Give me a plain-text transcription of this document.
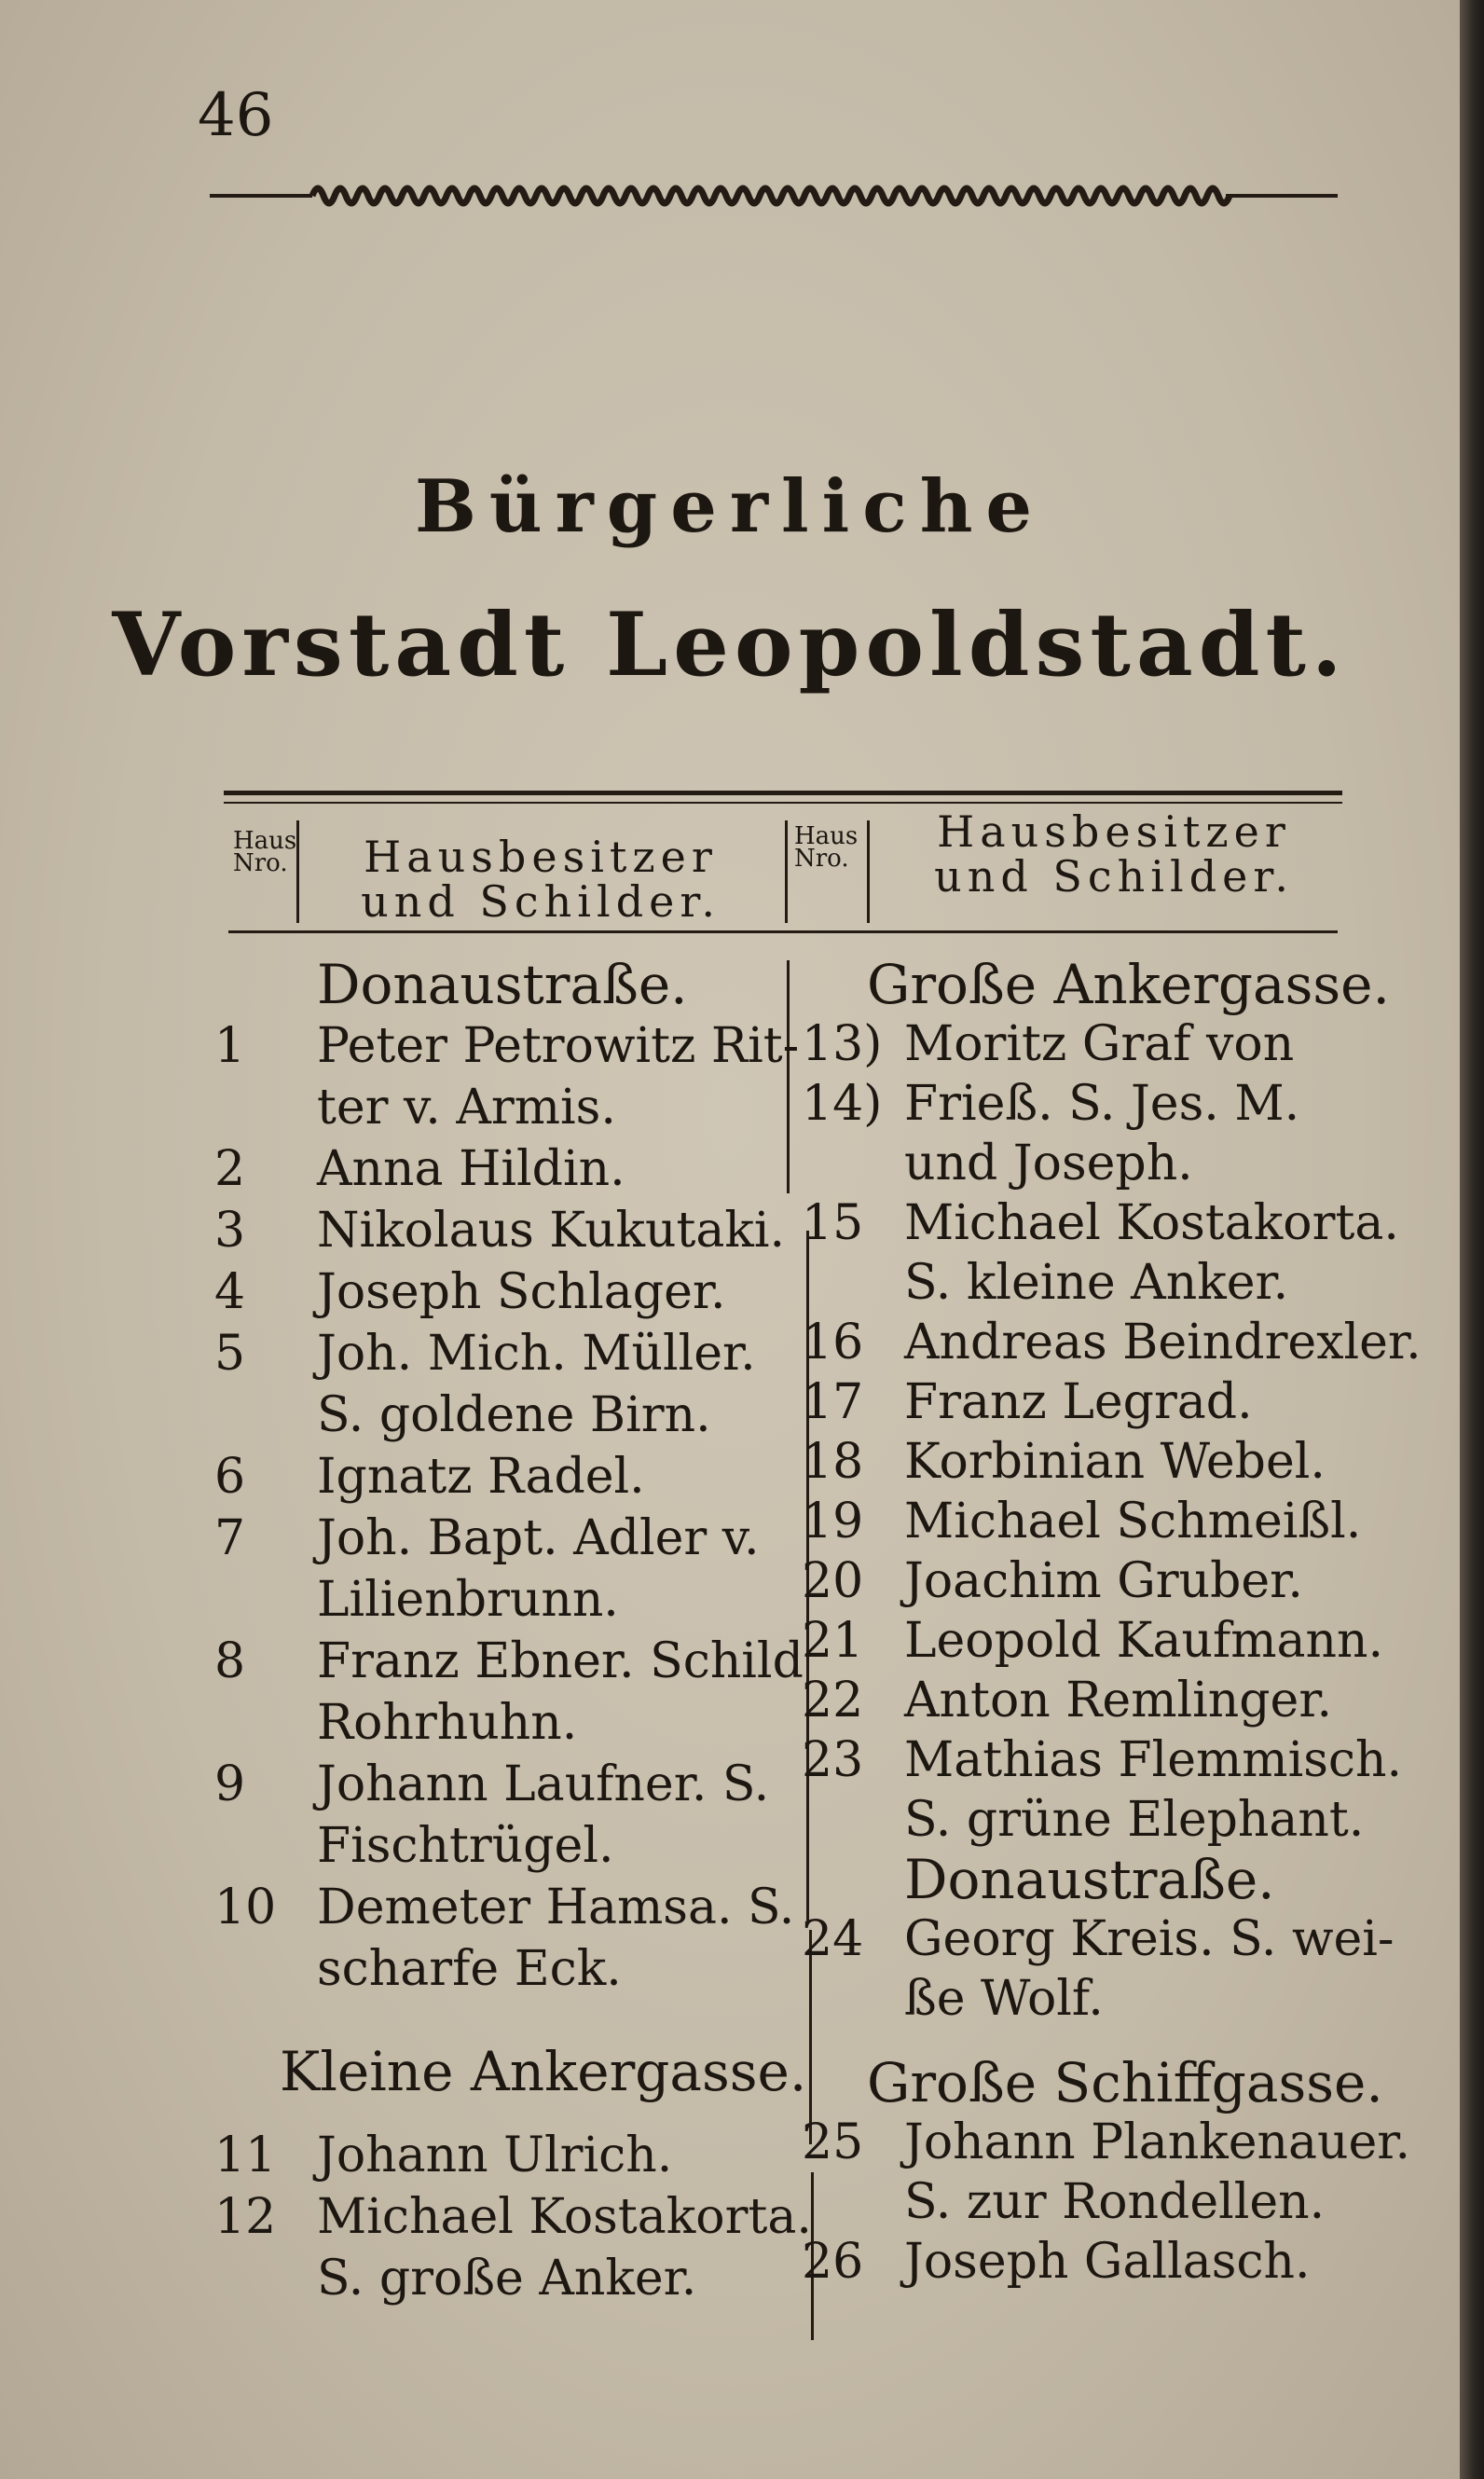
46
Bürgerliche
Vorstadt Leopoldstadt.
Haus
Nro.	Hausbesitzer
und Schilder.
Haus
Nro.
Hausbesitzer
und Schilder.
Donaustraße.
1	Peter Petrowitz Rit-
ter v. Armis.
2	Anna Hildin.
3	Nikolaus Kukutaki.
4	Joseph Schlager.
5	Joh. Mich. Müller.
S. goldene Birn.
6	Ignatz Radel.
7	Joh. Bapt. Adler v.
Lilienbrunn.
8	Franz Ebner. Schild
Rohrhuhn.
9	Johann Laufner. S.
Fischtrügel.
10 Demeter Hamsa. S.
scharfe Eck.
Kleine Ankergasse.
11 Johann Ulrich.
12 Michael Kostakorta.
S. große Anker.
Große Ankergasse.
13) Moritz Graf von
14) Frieß. S. Jes. M.
und Joseph.
15 Michael Kostakorta.
S. kleine Anker.
16 Andreas Beindrexler.
17 Franz Legrad.
18 Korbinian Webel.
19 Michael Schmeißl.
20 Joachim Gruber.
21 Leopold Kaufmann.
22 Anton Remlinger.
23 Mathias Flemmisch.
S. grüne Elephant.
Donaustraße.
24 Georg Kreis. S. wei-
ße Wolf.
Große Schiffgasse.
25 Johann Plankenauer.
S. zur Rondellen.
26 Joseph Gallasch.
